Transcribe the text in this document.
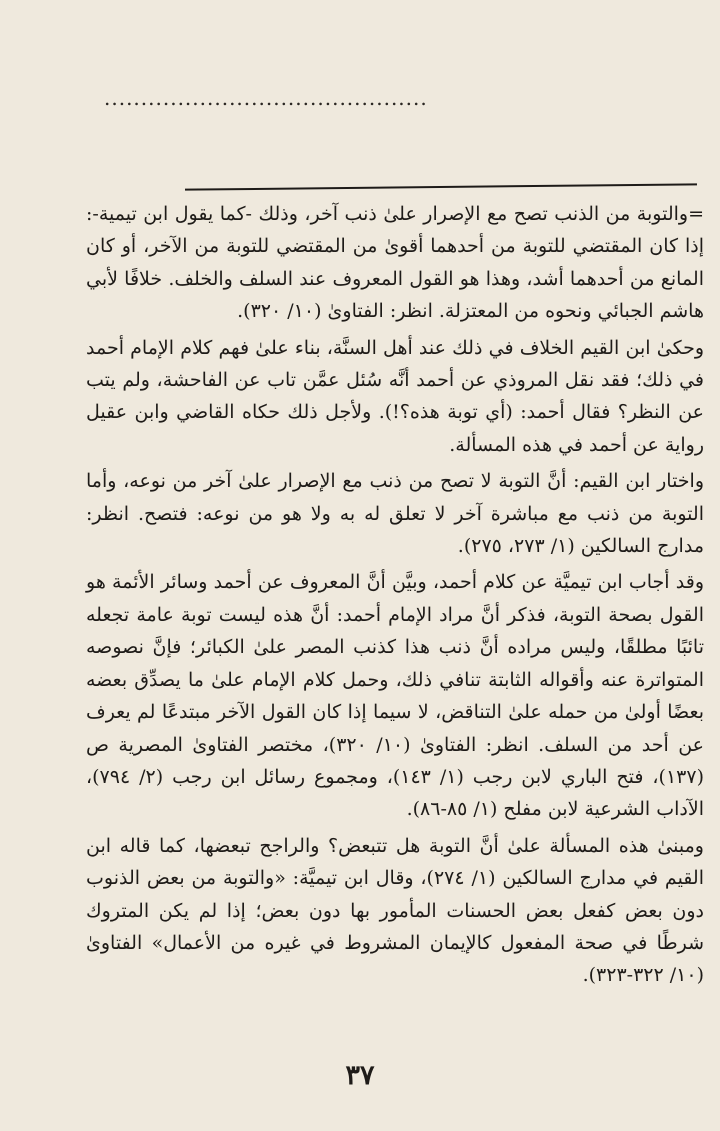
............................................

=والتوبة من الذنب تصح مع الإصرار علىٰ ذنب آخر، وذلك -كما يقول ابن تيمية-: إذا كان المقتضي للتوبة من أحدهما أقوىٰ من المقتضي للتوبة من الآخر، أو كان المانع من أحدهما أشد، وهذا هو القول المعروف عند السلف والخلف. خلافًا لأبي هاشم الجبائي ونحوه من المعتزلة. انظر: الفتاوىٰ (١٠/ ٣٢٠).

وحكىٰ ابن القيم الخلاف في ذلك عند أهل السنَّة، بناء علىٰ فهم كلام الإمام أحمد في ذلك؛ فقد نقل المروذي عن أحمد أنَّه سُئل عمَّن تاب عن الفاحشة، ولم يتب عن النظر؟ فقال أحمد: (أي توبة هذه؟!). ولأجل ذلك حكاه القاضي وابن عقيل رواية عن أحمد في هذه المسألة.

واختار ابن القيم: أنَّ التوبة لا تصح من ذنب مع الإصرار علىٰ آخر من نوعه، وأما التوبة من ذنب مع مباشرة آخر لا تعلق له به ولا هو من نوعه: فتصح. انظر: مدارج السالكين (١/ ٢٧٣، ٢٧٥).

وقد أجاب ابن تيميَّة عن كلام أحمد، وبيَّن أنَّ المعروف عن أحمد وسائر الأئمة هو القول بصحة التوبة، فذكر أنَّ مراد الإمام أحمد: أنَّ هذه ليست توبة عامة تجعله تائبًا مطلقًا، وليس مراده أنَّ ذنب هذا كذنب المصر علىٰ الكبائر؛ فإنَّ نصوصه المتواترة عنه وأقواله الثابتة تنافي ذلك، وحمل كلام الإمام علىٰ ما يصدِّق بعضه بعضًا أولىٰ من حمله علىٰ التناقض، لا سيما إذا كان القول الآخر مبتدعًا لم يعرف عن أحد من السلف. انظر: الفتاوىٰ (١٠/ ٣٢٠)، مختصر الفتاوىٰ المصرية ص (١٣٧)، فتح الباري لابن رجب (١/ ١٤٣)، ومجموع رسائل ابن رجب (٢/ ٧٩٤)، الآداب الشرعية لابن مفلح (١/ ٨٥-٨٦).

ومبنىٰ هذه المسألة علىٰ أنَّ التوبة هل تتبعض؟ والراجح تبعضها، كما قاله ابن القيم في مدارج السالكين (١/ ٢٧٤)، وقال ابن تيميَّة: «والتوبة من بعض الذنوب دون بعض كفعل بعض الحسنات المأمور بها دون بعض؛ إذا لم يكن المتروك شرطًا في صحة المفعول كالإيمان المشروط في غيره من الأعمال» الفتاوىٰ (١٠/ ٣٢٢-٣٢٣).

٣٧
